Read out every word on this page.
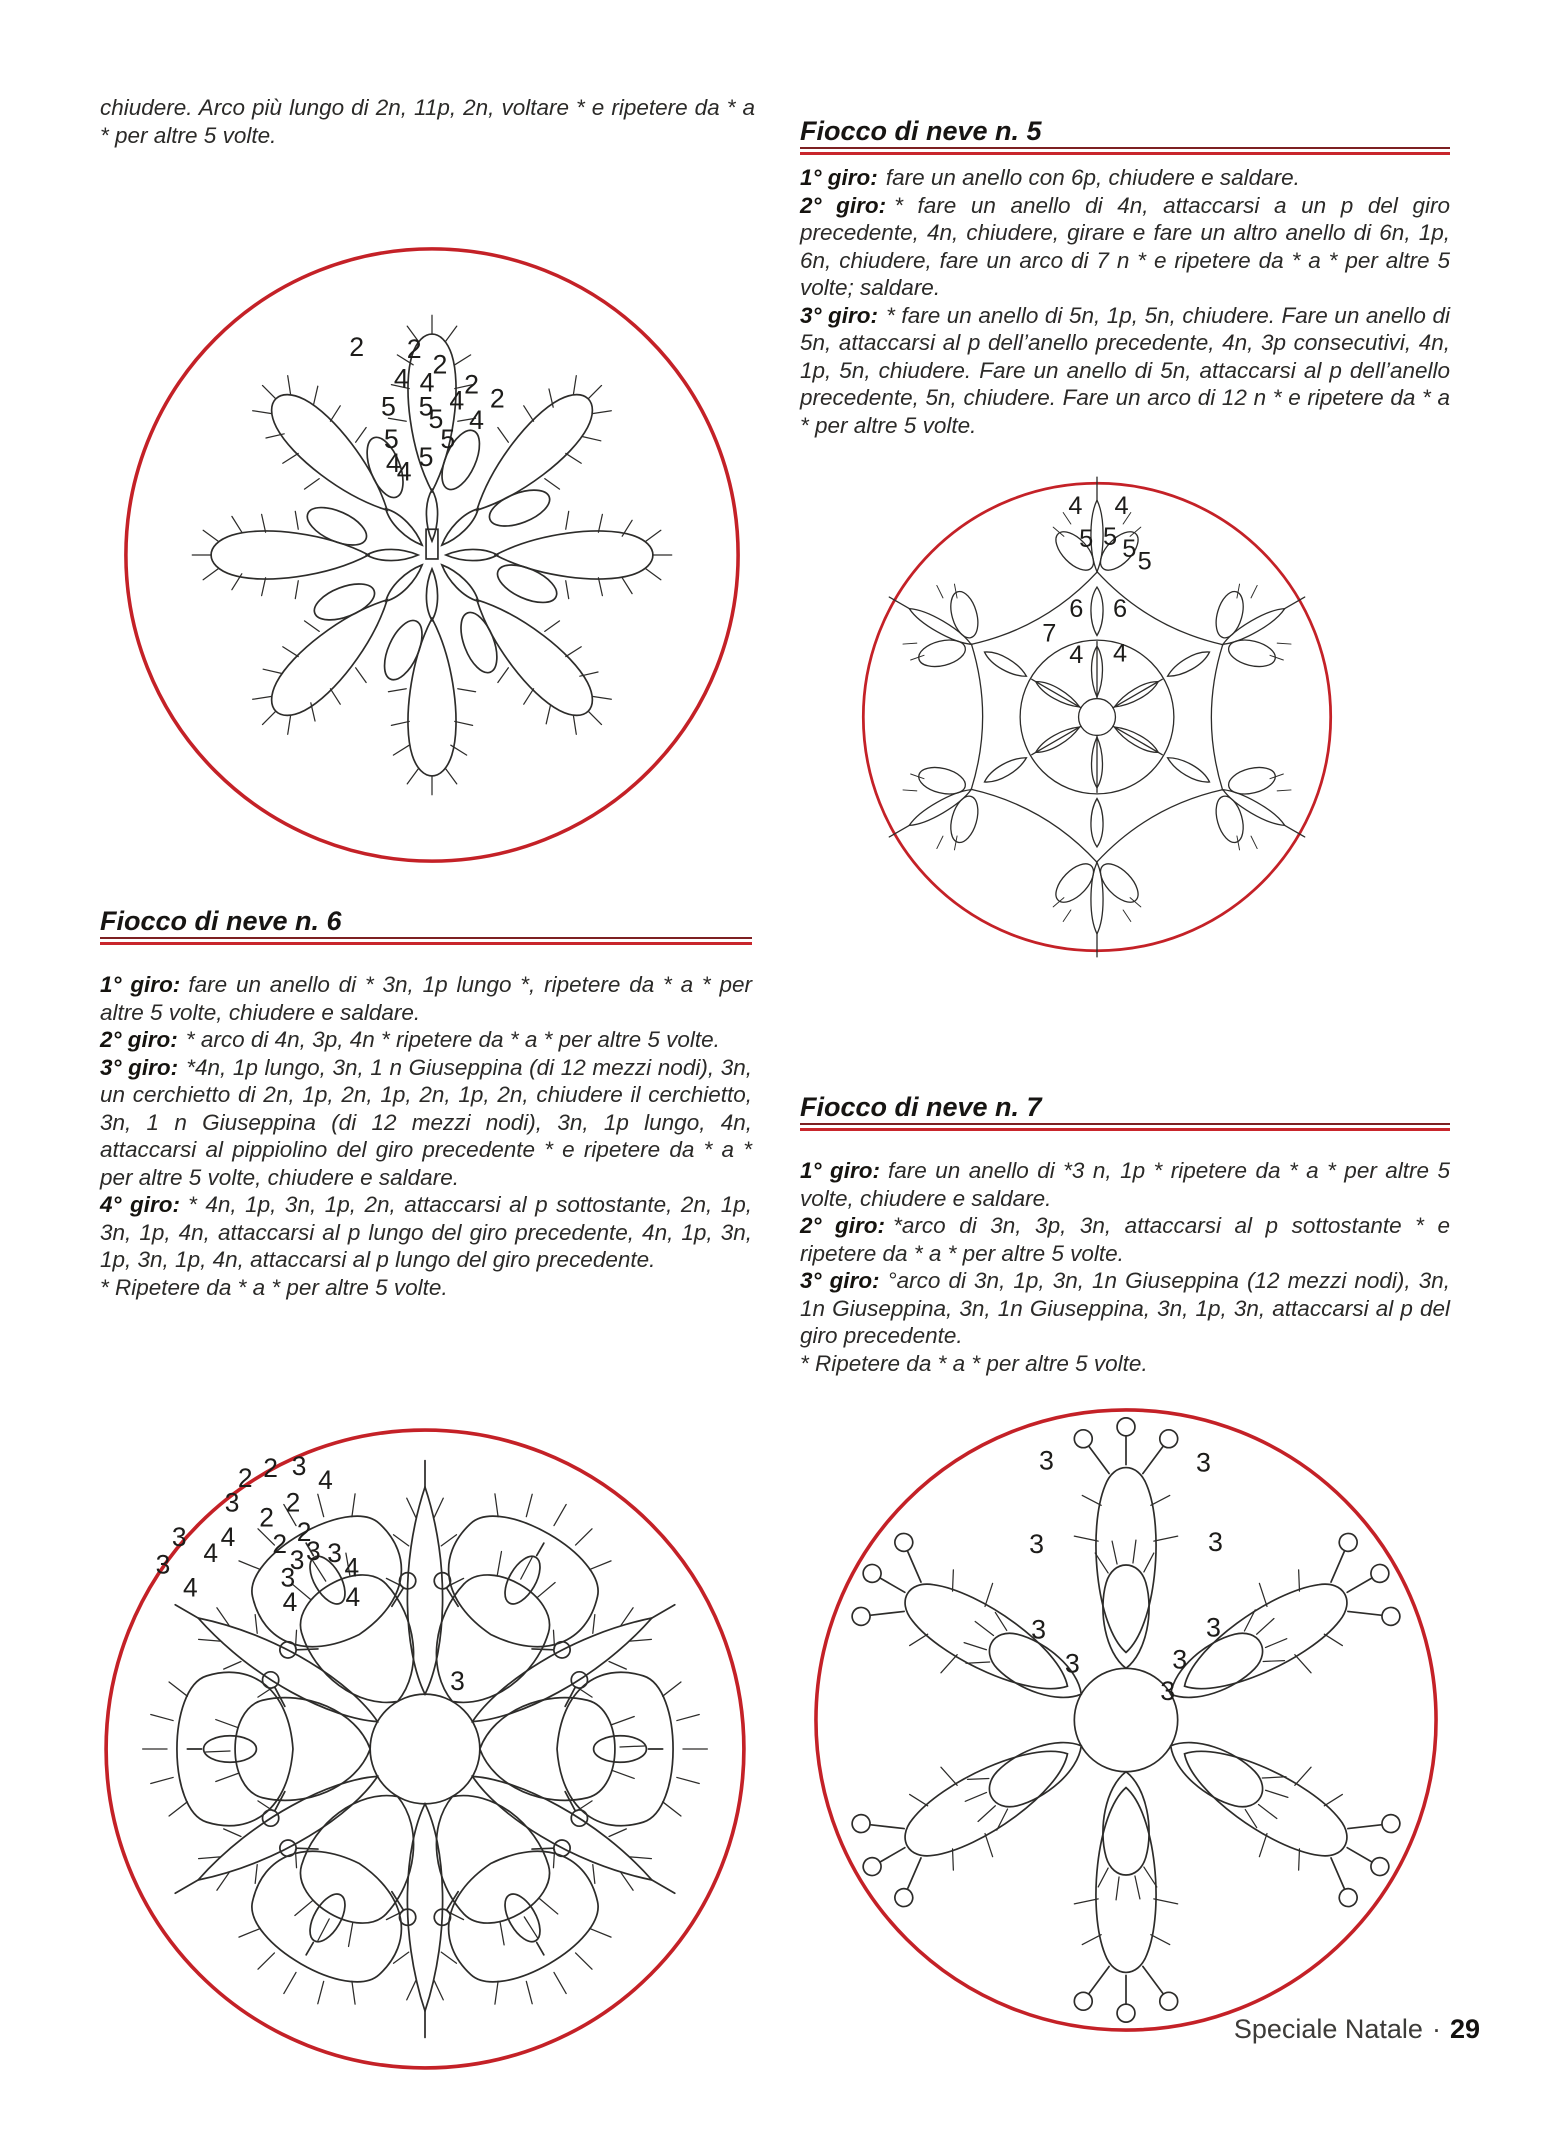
chiudere. Arco più lungo di 2n, 11p, 2n, voltare * e ripetere da * a * per altre 5 volte.

2 2
2
4 4 2 2
5 5 4
4
5
5 5
5
4
4
Fiocco di neve n. 5

1° giro: fare un anello con 6p, chiudere e saldare.

2° giro: * fare un anello di 4n, attaccarsi a un p del giro precedente, 4n, chiudere, girare e fare un altro anello di 6n, 1p, 6n, chiudere, fare un arco di 7 n * e ripetere da * a * per altre 5 volte; saldare.

3° giro: * fare un anello di 5n, 1p, 5n, chiudere. Fare un anello di 5n, attaccarsi al p dell’anello precedente, 4n, 3p consecutivi, 4n, 1p, 5n, chiudere. Fare un anello di 5n, attaccarsi al p dell’anello precedente, 5n, chiudere. Fare un arco di 12 n * e ripetere da * a * per altre 5 volte.

4 4
5 5 5 5
6 6
7
4 4
Fiocco di neve n. 6

1° giro: fare un anello di * 3n, 1p lungo *, ripetere da * a * per altre 5 volte, chiudere e saldare.

2° giro: * arco di 4n, 3p, 4n * ripetere da * a * per altre 5 volte.

3° giro: *4n, 1p lungo, 3n, 1 n Giuseppina (di 12 mezzi nodi), 3n, un cerchietto di 2n, 1p, 2n, 1p, 2n, 1p, 2n, chiudere il cerchietto, 3n, 1 n Giuseppina (di 12 mezzi nodi), 3n, 1p lungo, 4n, attaccarsi al pippiolino del giro precedente * e ripetere da * a * per altre 5 volte, chiudere e saldare.

4° giro: * 4n, 1p, 3n, 1p, 2n, attaccarsi al p sottostante, 2n, 1p, 3n, 1p, 4n, attaccarsi al p lungo del giro precedente, 4n, 1p, 3n, 1p, 3n, 1p, 4n, attaccarsi al p lungo del giro precedente.

* Ripetere da * a * per altre 5 volte.

2 3
2	4
3 2
2 2
4
3	2
4
3	3 3
3 4
4	3
4 4
3
Fiocco di neve n. 7

1° giro: fare un anello di *3 n, 1p * ripetere da * a * per altre 5 volte, chiudere e saldare.

2° giro: *arco di 3n, 3p, 3n, attaccarsi al p sottostante * e ripetere da * a * per altre 5 volte.

3° giro: °arco di 3n, 1p, 3n, 1n Giuseppina (12 mezzi nodi), 3n, 1n Giuseppina, 3n, 1n Giuseppina, 3n, 1p, 3n, attaccarsi al p del giro precedente.

* Ripetere da * a * per altre 5 volte.

3	3
3	3
3	3
3	3
3
Speciale Natale · 29
